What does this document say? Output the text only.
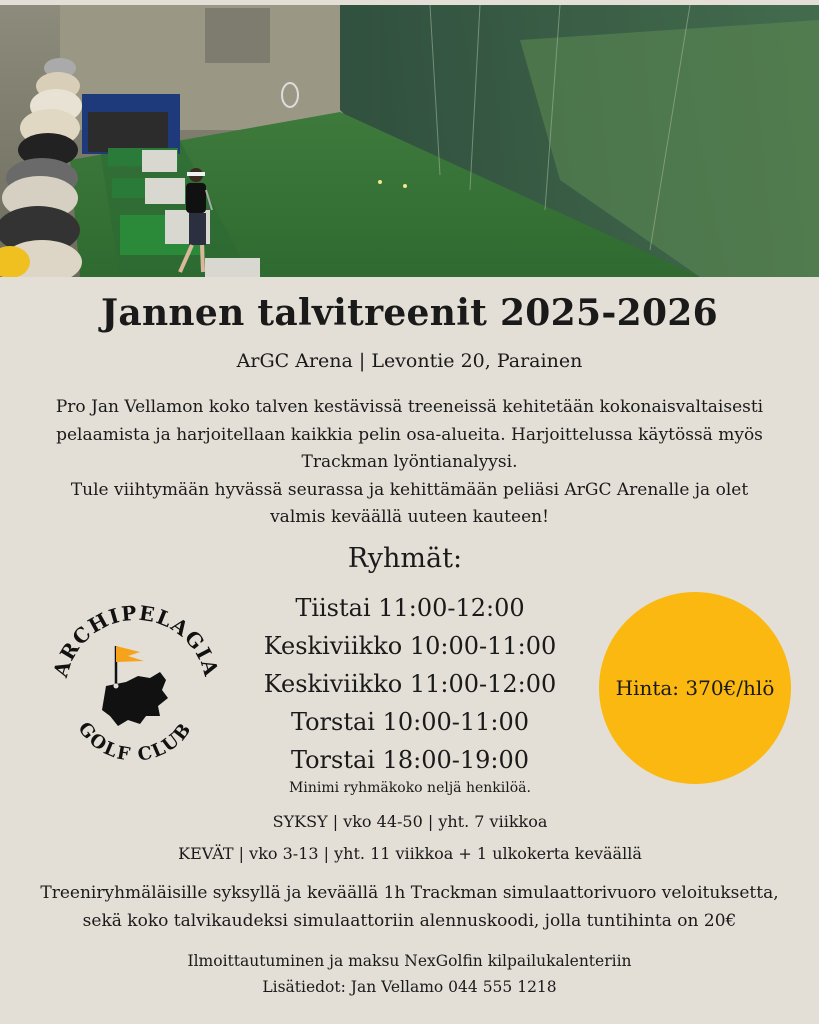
Jannen talvitreenit 2025-2026
ArGC Arena | Levontie 20, Parainen
Pro Jan Vellamon koko talven kestävissä treeneissä kehitetään kokonaisvaltaisesti
pelaamista ja harjoitellaan kaikkia pelin osa-alueita. Harjoittelussa käytössä myös
Trackman lyöntianalyysi.
Tule viihtymään hyvässä seurassa ja kehittämään peliäsi ArGC Arenalle ja olet
valmis keväällä uuteen kauteen!
Ryhmät:
Tiistai 11:00-12:00
Keskiviikko 10:00-11:00
Keskiviikko 11:00-12:00
Torstai 10:00-11:00
Torstai 18:00-19:00
Minimi ryhmäkoko neljä henkilöä.
SYKSY | vko 44-50 | yht. 7 viikkoa
KEVÄT | vko 3-13 | yht. 11 viikkoa + 1 ulkokerta keväällä
Treeniryhmäläisille syksyllä ja keväällä 1h Trackman simulaattorivuoro veloituksetta,
sekä koko talvikaudeksi simulaattoriin alennuskoodi, jolla tuntihinta on 20€
Ilmoittautuminen ja maksu NexGolfin kilpailukalenteriin
Lisätiedot: Jan Vellamo 044 555 1218
ARCHIPELAGI
GOLF CLUB
Hinta: 370€/hlö
